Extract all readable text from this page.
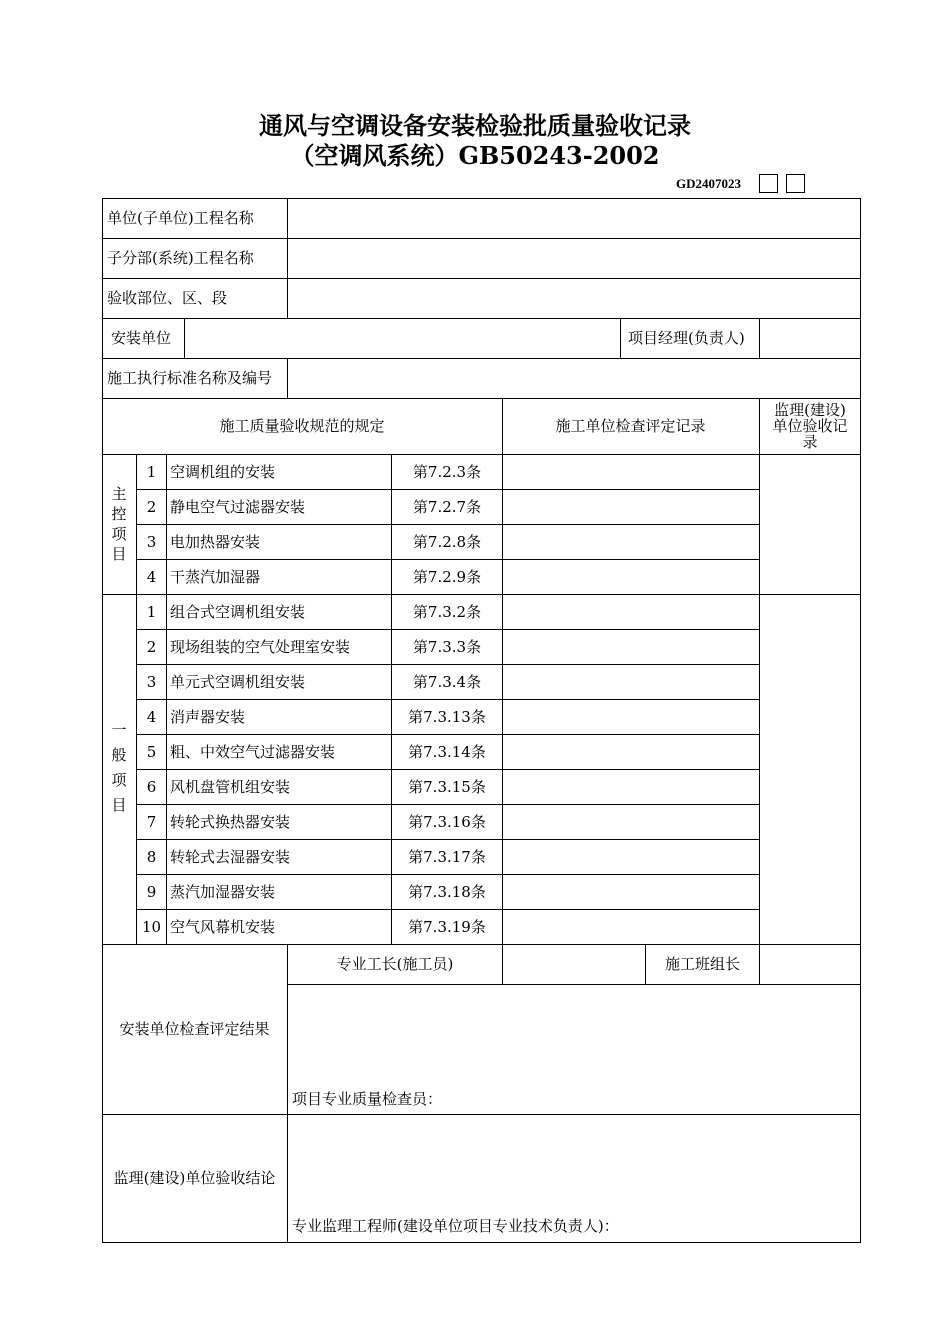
通风与空调设备安装检验批质量验收记录
（空调风系统）GB50243-2002
GD2407023
单位(子单位)工程名称
子分部(系统)工程名称
验收部位、区、段
安装单位	项目经理(负责人)
施工执行标准名称及编号
施工质量验收规范的规定	施工单位检查评定记录
监理(建设)
单位验收记
录
主
控
项
目
1 空调机组的安装	第7.2.3条
2 静电空气过滤器安装	第7.2.7条
3 电加热器安装	第7.2.8条
4 干蒸汽加湿器	第7.2.9条
一
般
项
目
1 组合式空调机组安装	第7.3.2条
2 现场组装的空气处理室安装	第7.3.3条
3 单元式空调机组安装	第7.3.4条
4 消声器安装	第7.3.13条
5 粗、中效空气过滤器安装	第7.3.14条
6 风机盘管机组安装	第7.3.15条
7 转轮式换热器安装	第7.3.16条
8 转轮式去湿器安装	第7.3.17条
9 蒸汽加湿器安装	第7.3.18条
10 空气风幕机安装	第7.3.19条
专业工长(施工员)	施工班组长
安装单位检查评定结果
项目专业质量检查员：
监理(建设)单位验收结论
专业监理工程师(建设单位项目专业技术负责人)：
